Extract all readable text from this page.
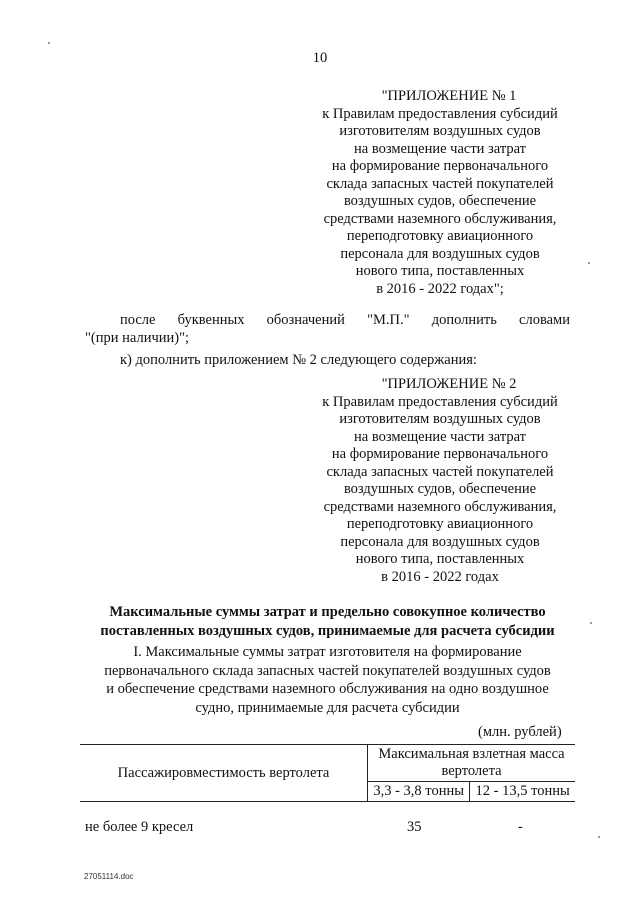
10
"ПРИЛОЖЕНИЕ № 1
к Правилам предоставления субсидий
изготовителям воздушных судов
на возмещение части затрат
на формирование первоначального
склада запасных частей покупателей
воздушных судов, обеспечение
средствами наземного обслуживания,
переподготовку авиационного
персонала для воздушных судов
нового типа, поставленных
в 2016 - 2022 годах";
после буквенных обозначений "М.П." дополнить словами
"(при наличии)";
к) дополнить приложением № 2 следующего содержания:
"ПРИЛОЖЕНИЕ № 2
к Правилам предоставления субсидий
изготовителям воздушных судов
на возмещение части затрат
на формирование первоначального
склада запасных частей покупателей
воздушных судов, обеспечение
средствами наземного обслуживания,
переподготовку авиационного
персонала для воздушных судов
нового типа, поставленных
в 2016 - 2022 годах
Максимальные суммы затрат и предельно совокупное количество
поставленных воздушных судов, принимаемые для расчета субсидии
I. Максимальные суммы затрат изготовителя на формирование
первоначального склада запасных частей покупателей воздушных судов
и обеспечение средствами наземного обслуживания на одно воздушное
судно, принимаемые для расчета субсидии
(млн. рублей)
Пассажировместимость вертолета	Максимальная взлетная масса вертолета	
	3,3 - 3,8 тонны	12 - 13,5 тонны
не более 9 кресел	35	-
27051114.doc
